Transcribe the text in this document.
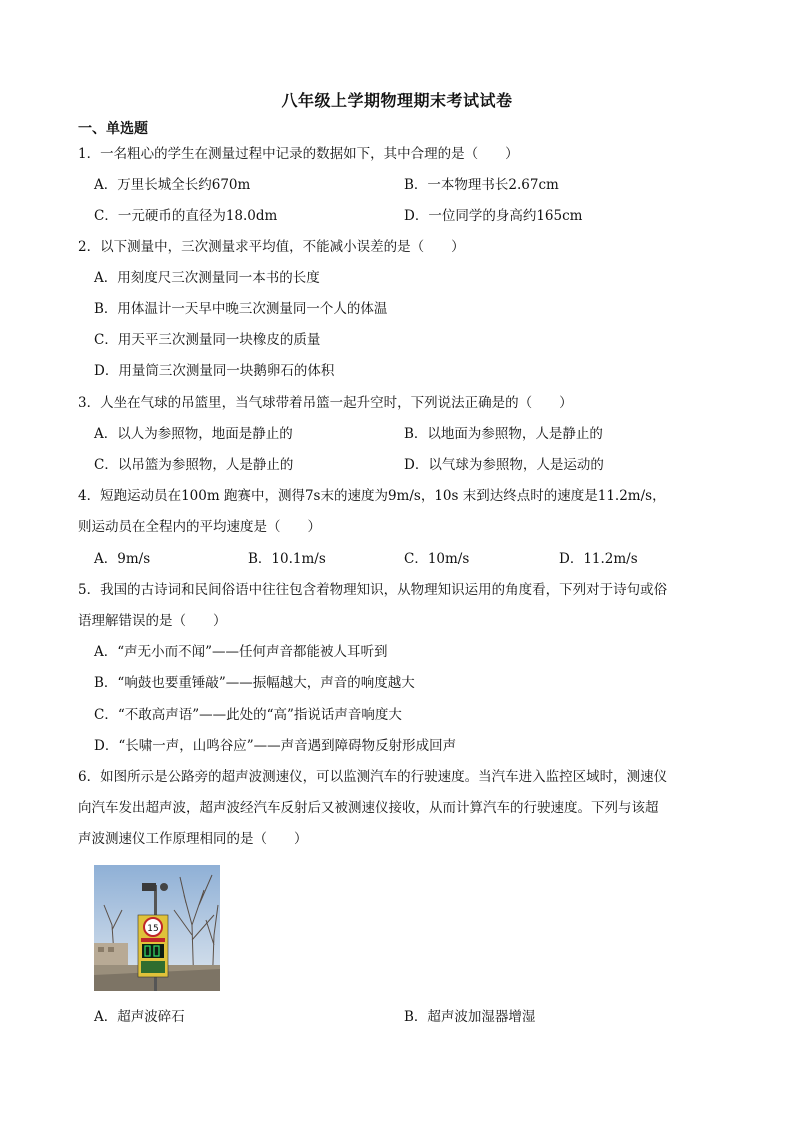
八年级上学期物理期末考试试卷
一、单选题
1．一名粗心的学生在测量过程中记录的数据如下，其中合理的是（　　）
A．万里长城全长约670m	B．一本物理书长2.67cm
C．一元硬币的直径为18.0dm	D．一位同学的身高约165cm
2．以下测量中，三次测量求平均值，不能减小误差的是（　　）
A．用刻度尺三次测量同一本书的长度
B．用体温计一天早中晚三次测量同一个人的体温
C．用天平三次测量同一块橡皮的质量
D．用量筒三次测量同一块鹅卵石的体积
3．人坐在气球的吊篮里，当气球带着吊篮一起升空时，下列说法正确是的（　　）
A．以人为参照物，地面是静止的	B．以地面为参照物，人是静止的
C．以吊篮为参照物，人是静止的	D．以气球为参照物，人是运动的
4．短跑运动员在100m 跑赛中，测得7s末的速度为9m/s，10s 末到达终点时的速度是11.2m/s，
则运动员在全程内的平均速度是（　　）
A．9m/s	B．10.1m/s	C．10m/s	D．11.2m/s
5．我国的古诗词和民间俗语中往往包含着物理知识，从物理知识运用的角度看，下列对于诗句或俗
语理解错误的是（　　）
A．“声无小而不闻”——任何声音都能被人耳听到
B．“响鼓也要重锤敲”——振幅越大，声音的响度越大
C．“不敢高声语”——此处的“高”指说话声音响度大
D．“长啸一声，山鸣谷应”——声音遇到障碍物反射形成回声
6．如图所示是公路旁的超声波测速仪，可以监测汽车的行驶速度。当汽车进入监控区域时，测速仪
向汽车发出超声波，超声波经汽车反射后又被测速仪接收，从而计算汽车的行驶速度。下列与该超
声波测速仪工作原理相同的是（　　）
15
A．超声波碎石	B．超声波加湿器增湿
